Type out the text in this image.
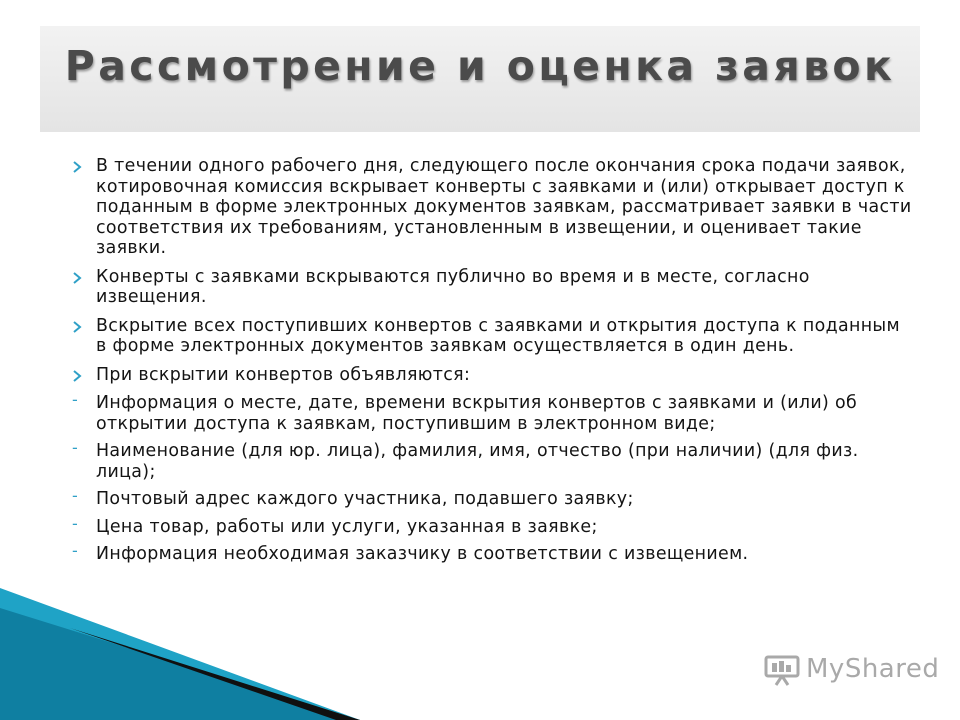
Рассмотрение и оценка заявок
В течении одного рабочего дня, следующего после окончания срока подачи заявок, котировочная комиссия вскрывает конверты с заявками и (или) открывает доступ к поданным в форме электронных документов заявкам, рассматривает заявки в части соответствия их требованиям, установленным в извещении, и оценивает такие заявки.
Конверты с заявками вскрываются публично во время и в месте, согласно извещения.
Вскрытие всех поступивших конвертов с заявками и открытия доступа к поданным в форме электронных документов заявкам осуществляется в один день.
При вскрытии конвертов объявляются:
-	Информация о месте, дате, времени вскрытия конвертов с заявками и (или) об открытии доступа к заявкам, поступившим в электронном виде;
-	Наименование (для юр. лица), фамилия, имя, отчество (при наличии) (для физ. лица);
-	Почтовый адрес каждого участника, подавшего заявку;
-	Цена товар, работы или услуги, указанная в заявке;
-	Информация необходимая заказчику в соответствии с извещением.
MyShared
